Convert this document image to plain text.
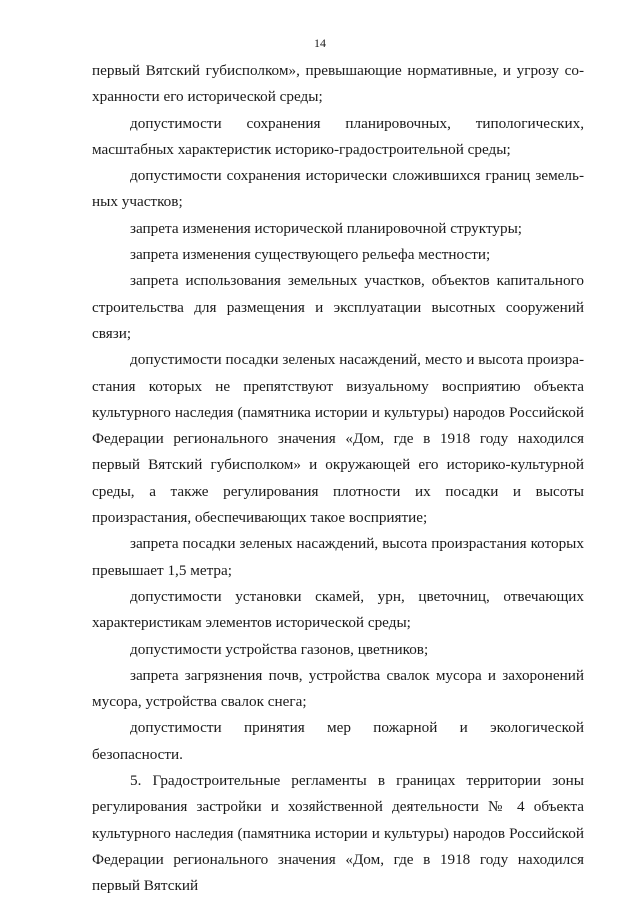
14

первый Вятский губисполком», превышающие нормативные, и угрозу сохранности его исторической среды;

допустимости сохранения планировочных, типологических, масштабных характеристик историко-градостроительной среды;

допустимости сохранения исторически сложившихся границ земельных участков;

запрета изменения исторической планировочной структуры;

запрета изменения существующего рельефа местности;

запрета использования земельных участков, объектов капитального строительства для размещения и эксплуатации высотных сооружений связи;

допустимости посадки зеленых насаждений, место и высота произрастания которых не препятствуют визуальному восприятию объекта культурного наследия (памятника истории и культуры) народов Российской Федерации регионального значения «Дом, где в 1918 году находился первый Вятский губисполком» и окружающей его историко-культурной среды, а также регулирования плотности их посадки и высоты произрастания, обеспечивающих такое восприятие;

запрета посадки зеленых насаждений, высота произрастания которых превышает 1,5 метра;

допустимости установки скамей, урн, цветочниц, отвечающих характеристикам элементов исторической среды;

допустимости устройства газонов, цветников;

запрета загрязнения почв, устройства свалок мусора и захоронений мусора, устройства свалок снега;

допустимости принятия мер пожарной и экологической безопасности.

5. Градостроительные регламенты в границах территории зоны регулирования застройки и хозяйственной деятельности № 4 объекта культурного наследия (памятника истории и культуры) народов Российской Федерации регионального значения «Дом, где в 1918 году находился первый Вятский
